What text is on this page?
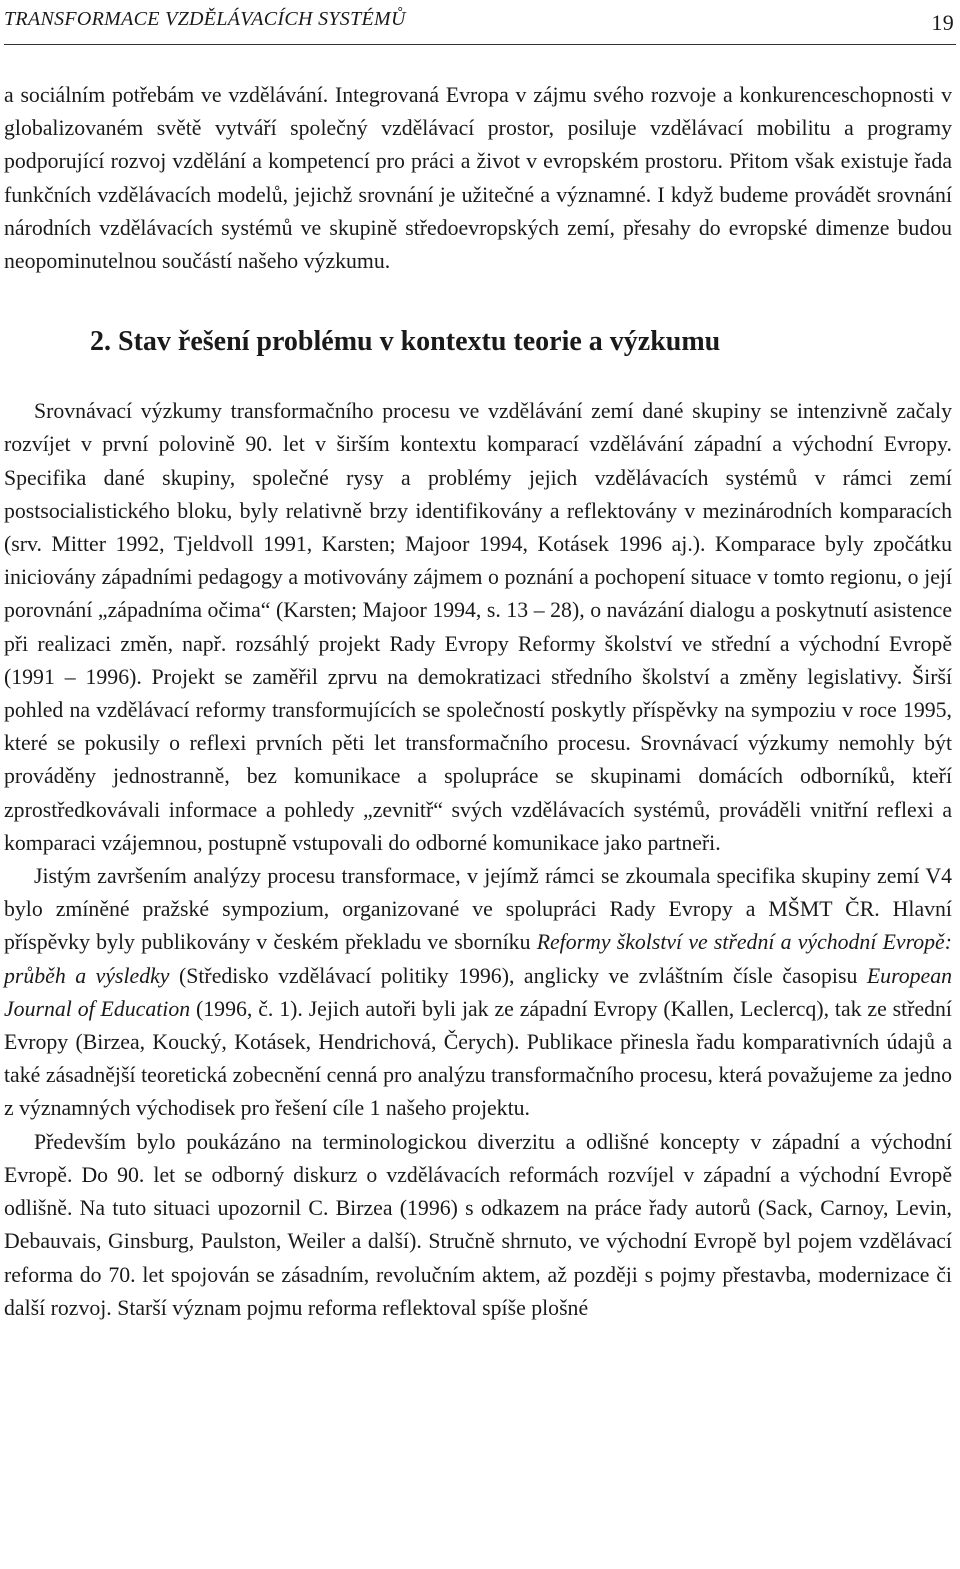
TRANSFORMACE VZDĚLÁVACÍCH SYSTÉMŮ	19

a sociálním potřebám ve vzdělávání. Integrovaná Evropa v zájmu svého rozvoje a konkurenceschopnosti v globalizovaném světě vytváří společný vzdělávací prostor, posiluje vzdělávací mobilitu a programy podporující rozvoj vzdělání a kompetencí pro práci a život v evropském prostoru. Přitom však existuje řada funkčních vzdělávacích modelů, jejichž srovnání je užitečné a významné. I když budeme provádět srovnání národních vzdělávacích systémů ve skupině středoevropských zemí, přesahy do evropské dimenze budou neopominutelnou součástí našeho výzkumu.

2. Stav řešení problému v kontextu teorie a výzkumu

Srovnávací výzkumy transformačního procesu ve vzdělávání zemí dané skupiny se intenzivně začaly rozvíjet v první polovině 90. let v širším kontextu komparací vzdělávání západní a východní Evropy. Specifika dané skupiny, společné rysy a problémy jejich vzdělávacích systémů v rámci zemí postsocialistického bloku, byly relativně brzy identifikovány a reflektovány v mezinárodních komparacích (srv. Mitter 1992, Tjeldvoll 1991, Karsten; Majoor 1994, Kotásek 1996 aj.). Komparace byly zpočátku iniciovány západními pedagogy a motivovány zájmem o poznání a pochopení situace v tomto regionu, o její porovnání „západníma očima“ (Karsten; Majoor 1994, s. 13 – 28), o navázání dialogu a poskytnutí asistence při realizaci změn, např. rozsáhlý projekt Rady Evropy Reformy školství ve střední a východní Evropě (1991 – 1996). Projekt se zaměřil zprvu na demokratizaci středního školství a změny legislativy. Širší pohled na vzdělávací reformy transformujících se společností poskytly příspěvky na sympoziu v roce 1995, které se pokusily o reflexi prvních pěti let transformačního procesu. Srovnávací výzkumy nemohly být prováděny jednostranně, bez komunikace a spolupráce se skupinami domácích odborníků, kteří zprostředkovávali informace a pohledy „zevnitř“ svých vzdělávacích systémů, prováděli vnitřní reflexi a komparaci vzájemnou, postupně vstupovali do odborné komunikace jako partneři.

Jistým završením analýzy procesu transformace, v jejímž rámci se zkoumala specifika skupiny zemí V4 bylo zmíněné pražské sympozium, organizované ve spolupráci Rady Evropy a MŠMT ČR. Hlavní příspěvky byly publikovány v českém překladu ve sborníku Reformy školství ve střední a východní Evropě: průběh a výsledky (Středisko vzdělávací politiky 1996), anglicky ve zvláštním čísle časopisu European Journal of Education (1996, č. 1). Jejich autoři byli jak ze západní Evropy (Kallen, Leclercq), tak ze střední Evropy (Birzea, Koucký, Kotásek, Hendrichová, Čerych). Publikace přinesla řadu komparativních údajů a také zásadnější teoretická zobecnění cenná pro analýzu transformačního procesu, která považujeme za jedno z významných východisek pro řešení cíle 1 našeho projektu.

Především bylo poukázáno na terminologickou diverzitu a odlišné koncepty v západní a východní Evropě. Do 90. let se odborný diskurz o vzdělávacích reformách rozvíjel v západní a východní Evropě odlišně. Na tuto situaci upozornil C. Birzea (1996) s odkazem na práce řady autorů (Sack, Carnoy, Levin, Debauvais, Ginsburg, Paulston, Weiler a další). Stručně shrnuto, ve východní Evropě byl pojem vzdělávací reforma do 70. let spojován se zásadním, revolučním aktem, až později s pojmy přestavba, modernizace či další rozvoj. Starší význam pojmu reforma reflektoval spíše plošné
